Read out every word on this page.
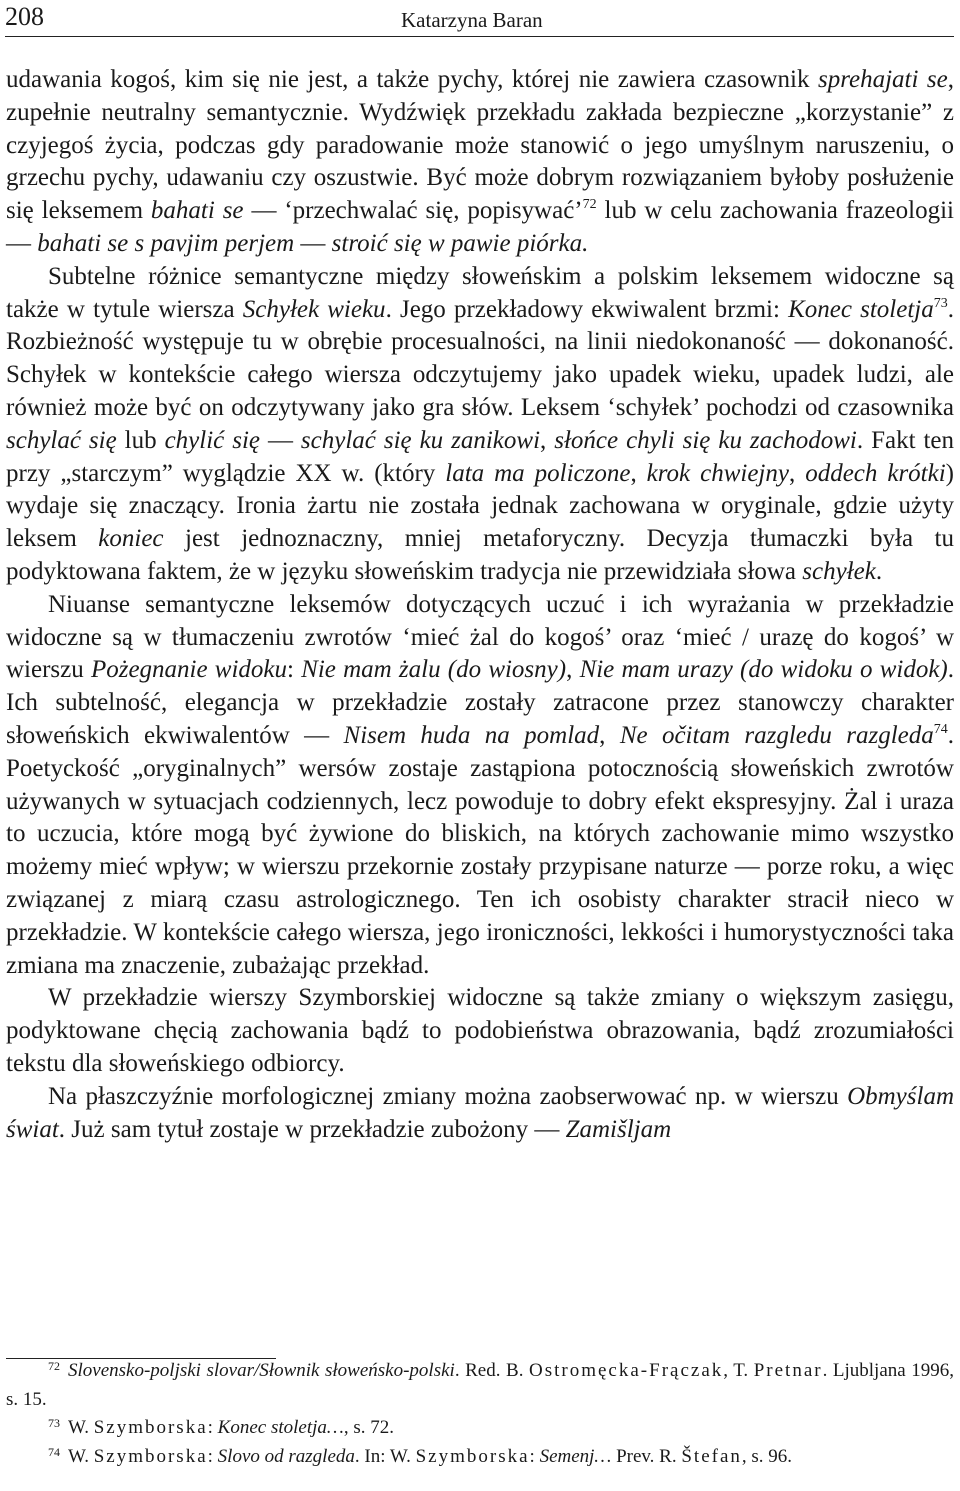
208	Katarzyna Baran

udawania kogoś, kim się nie jest, a także pychy, której nie zawiera czasownik sprehajati se, zupełnie neutralny semantycznie. Wydźwięk przekładu zakłada bezpieczne „korzystanie” z czyjegoś życia, podczas gdy paradowanie może stanowić o jego umyślnym naruszeniu, o grzechu pychy, udawaniu czy oszustwie. Być może dobrym rozwiązaniem byłoby posłużenie się leksemem bahati se — ‘przechwalać się, popisywać’$^{72}$ lub w celu zachowania frazeologii — bahati se s pavjim perjem — stroić się w pawie piórka.

Subtelne różnice semantyczne między słoweńskim a polskim leksemem widoczne są także w tytule wiersza Schyłek wieku. Jego przekładowy ekwiwalent brzmi: Konec stoletja$^{73}$. Rozbieżność występuje tu w obrębie procesualności, na linii niedokonaność — dokonaność. Schyłek w kontekście całego wiersza odczytujemy jako upadek wieku, upadek ludzi, ale również może być on odczytywany jako gra słów. Leksem ‘schyłek’ pochodzi od czasownika schylać się lub chylić się — schylać się ku zanikowi, słońce chyli się ku zachodowi. Fakt ten przy „starczym” wyglądzie XX w. (który lata ma policzone, krok chwiejny, oddech krótki) wydaje się znaczący. Ironia żartu nie została jednak zachowana w oryginale, gdzie użyty leksem koniec jest jednoznaczny, mniej metaforyczny. Decyzja tłumaczki była tu podyktowana faktem, że w języku słoweńskim tradycja nie przewidziała słowa schyłek.

Niuanse semantyczne leksemów dotyczących uczuć i ich wyrażania w przekładzie widoczne są w tłumaczeniu zwrotów ‘mieć żal do kogoś’ oraz ‘mieć / urazę do kogoś’ w wierszu Pożegnanie widoku: Nie mam żalu (do wiosny), Nie mam urazy (do widoku o widok). Ich subtelność, elegancja w przekładzie zostały zatracone przez stanowczy charakter słoweńskich ekwiwalentów — Nisem huda na pomlad, Ne očitam razgledu razgleda$^{74}$. Poetyckość „oryginalnych” wersów zostaje zastąpiona potocznością słoweńskich zwrotów używanych w sytuacjach codziennych, lecz powoduje to dobry efekt ekspresyjny. Żal i uraza to uczucia, które mogą być żywione do bliskich, na których zachowanie mimo wszystko możemy mieć wpływ; w wierszu przekornie zostały przypisane naturze — porze roku, a więc związanej z miarą czasu astrologicznego. Ten ich osobisty charakter stracił nieco w przekładzie. W kontekście całego wiersza, jego ironiczności, lekkości i humorystyczności taka zmiana ma znaczenie, zubażając przekład.

W przekładzie wierszy Szymborskiej widoczne są także zmiany o większym zasięgu, podyktowane chęcią zachowania bądź to podobieństwa obrazowania, bądź zrozumiałości tekstu dla słoweńskiego odbiorcy.

Na płaszczyźnie morfologicznej zmiany można zaobserwować np. w wierszu Obmyślam świat. Już sam tytuł zostaje w przekładzie zubożony — Zamišljam

$^{72}$ Slovensko-poljski slovar/Słownik słoweńsko-polski. Red. B. Ostromęcka-Frączak, T. Pretnar. Ljubljana 1996, s. 15.

$^{73}$ W. Szymborska: Konec stoletja…, s. 72.

$^{74}$ W. Szymborska: Slovo od razgleda. In: W. Szymborska: Semenj… Prev. R. Štefan, s. 96.
